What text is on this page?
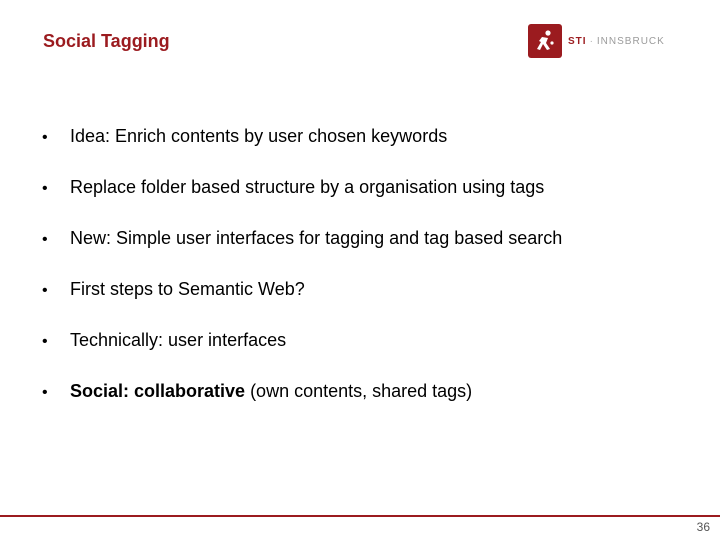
Social Tagging	STI · INNSBRUCK
•	Idea: Enrich contents by user chosen keywords
•	Replace folder based structure by a organisation using tags
•	New: Simple user interfaces for tagging and tag based search
•	First steps to Semantic Web?
•	Technically: user interfaces
•	Social: collaborative (own contents, shared tags)
36
